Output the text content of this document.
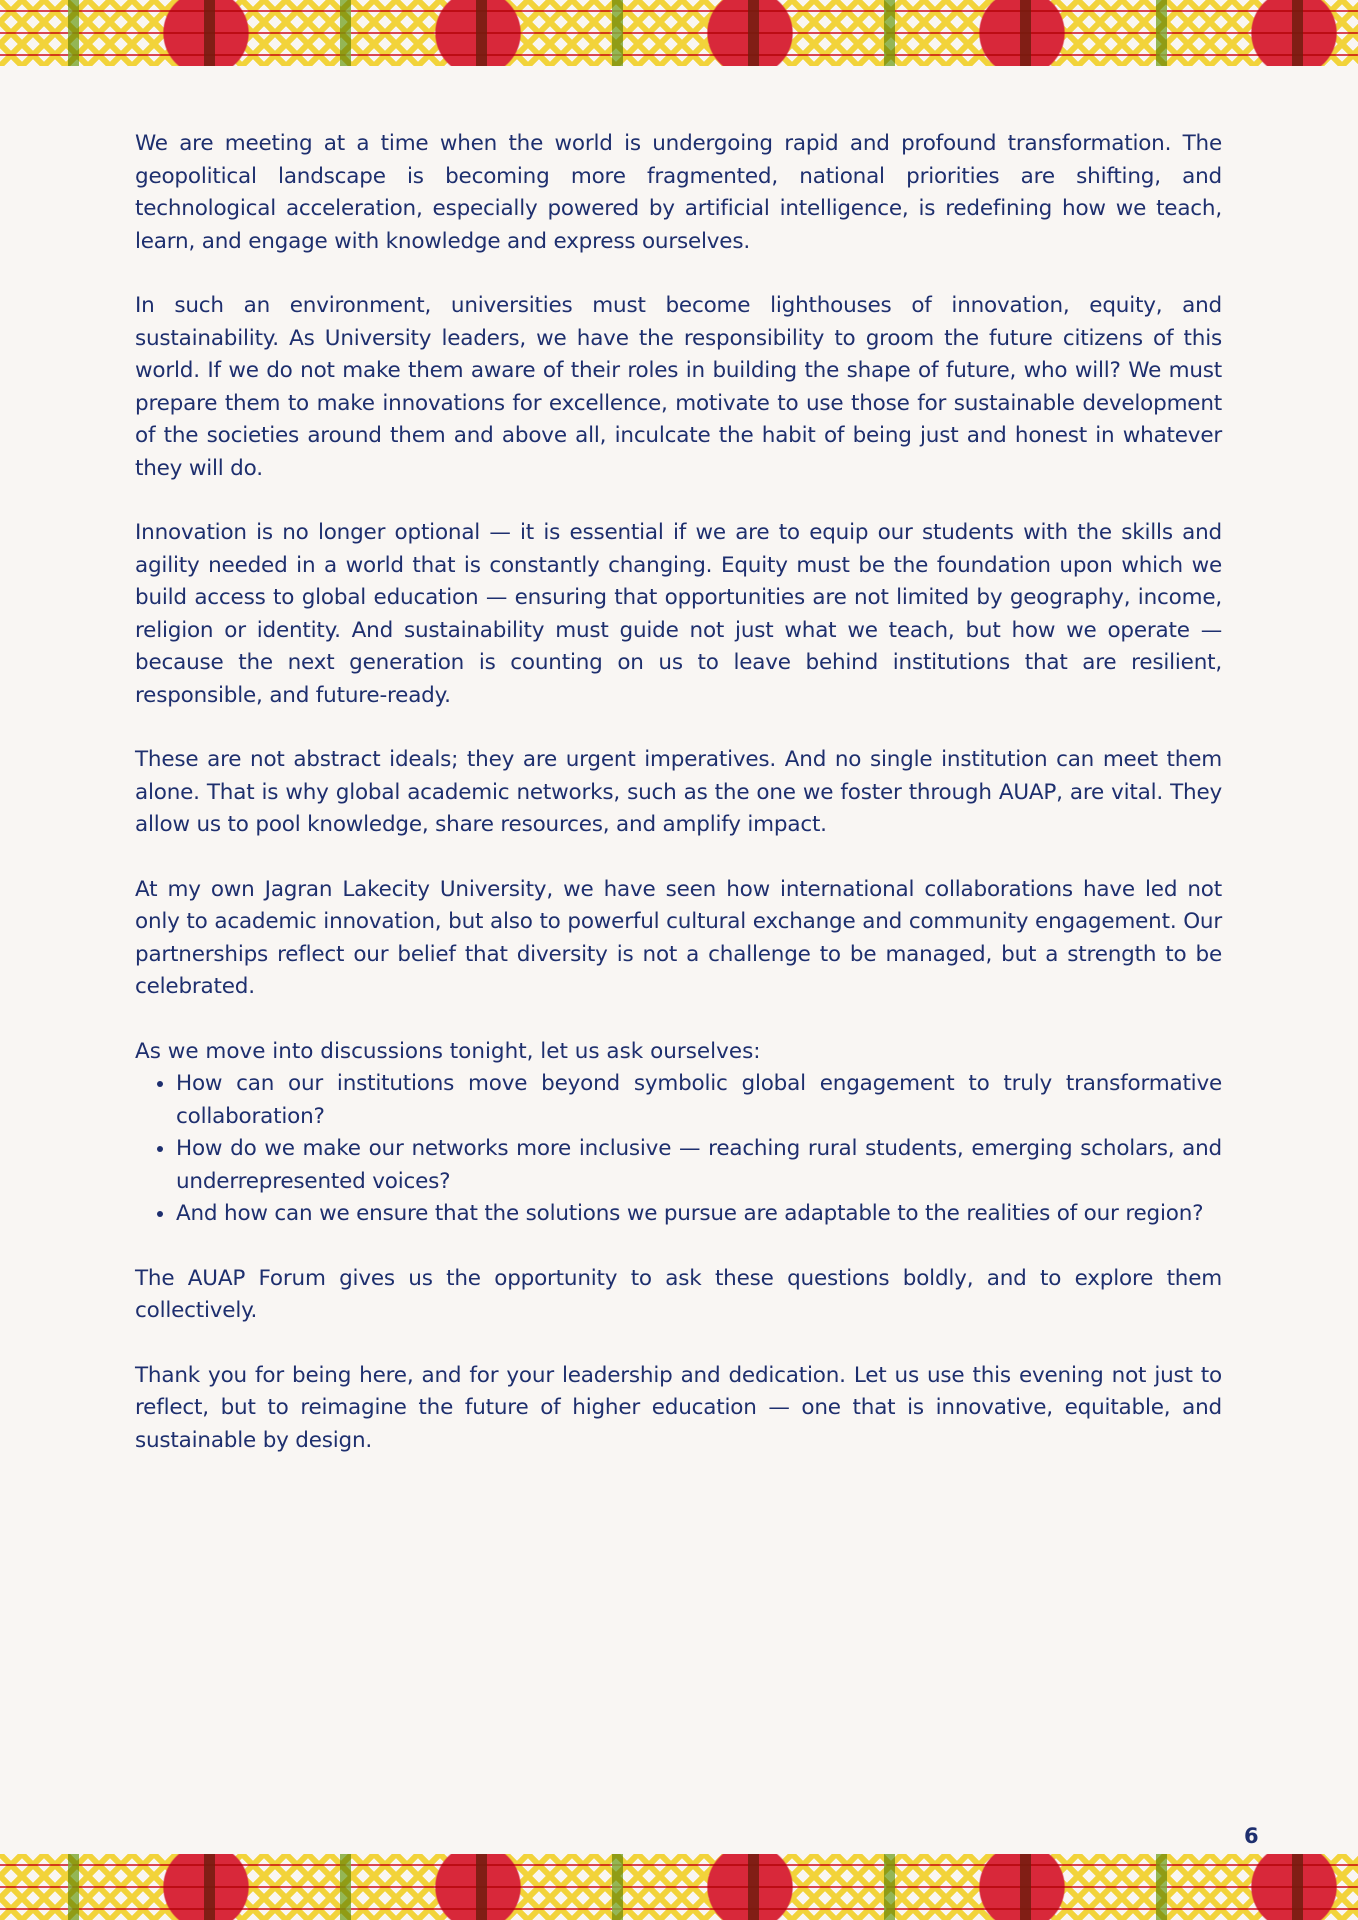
We are meeting at a time when the world is undergoing rapid and profound transformation. The geopolitical landscape is becoming more fragmented, national priorities are shifting, and technological acceleration, especially powered by artificial intelligence, is redefining how we teach, learn, and engage with knowledge and express ourselves.

In such an environment, universities must become lighthouses of innovation, equity, and sustainability. As University leaders, we have the responsibility to groom the future citizens of this world. If we do not make them aware of their roles in building the shape of future, who will? We must prepare them to make innovations for excellence, motivate to use those for sustainable development of the societies around them and above all, inculcate the habit of being just and honest in whatever they will do.

Innovation is no longer optional — it is essential if we are to equip our students with the skills and agility needed in a world that is constantly changing. Equity must be the foundation upon which we build access to global education — ensuring that opportunities are not limited by geography, income, religion or identity. And sustainability must guide not just what we teach, but how we operate — because the next generation is counting on us to leave behind institutions that are resilient, responsible, and future-ready.

These are not abstract ideals; they are urgent imperatives. And no single institution can meet them alone. That is why global academic networks, such as the one we foster through AUAP, are vital. They allow us to pool knowledge, share resources, and amplify impact.

At my own Jagran Lakecity University, we have seen how international collaborations have led not only to academic innovation, but also to powerful cultural exchange and community engagement. Our partnerships reflect our belief that diversity is not a challenge to be managed, but a strength to be celebrated.

As we move into discussions tonight, let us ask ourselves:

• How can our institutions move beyond symbolic global engagement to truly transformative collaboration?
• How do we make our networks more inclusive — reaching rural students, emerging scholars, and underrepresented voices?
• And how can we ensure that the solutions we pursue are adaptable to the realities of our region?

The AUAP Forum gives us the opportunity to ask these questions boldly, and to explore them collectively.

Thank you for being here, and for your leadership and dedication. Let us use this evening not just to reflect, but to reimagine the future of higher education — one that is innovative, equitable, and sustainable by design.

6
